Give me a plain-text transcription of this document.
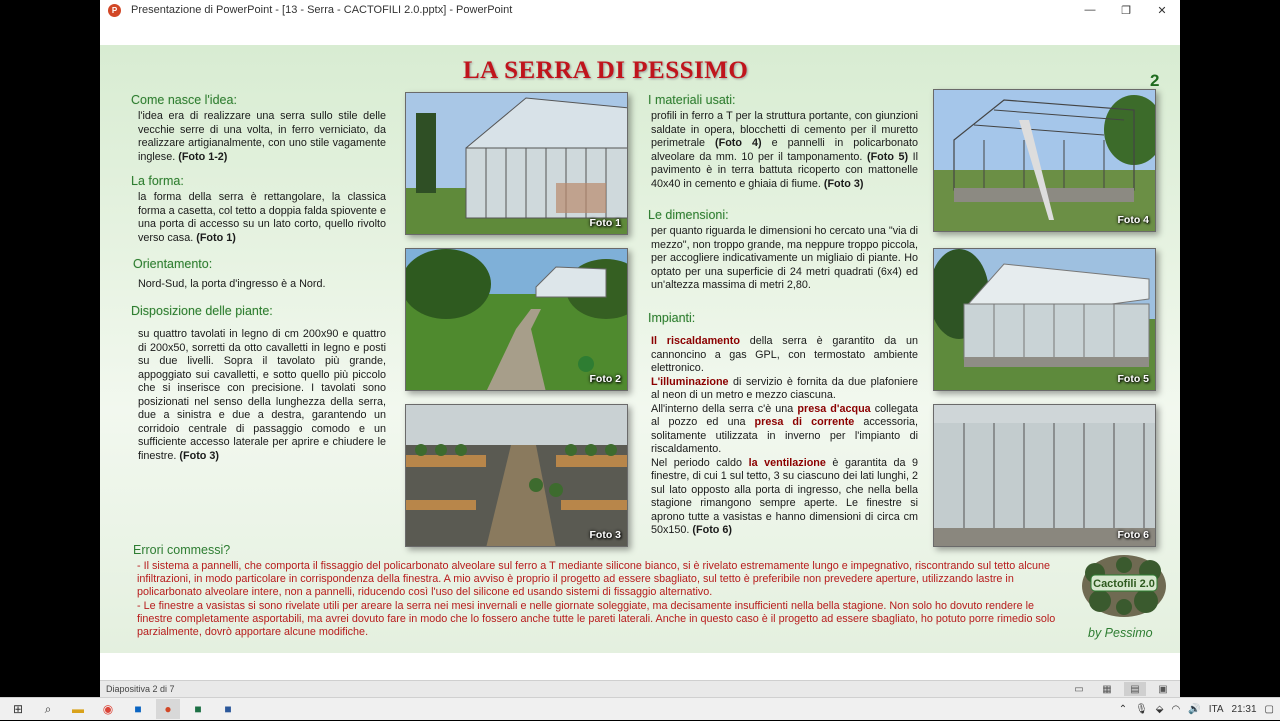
P	Presentazione di PowerPoint - [13 - Serra - CACTOFILI 2.0.pptx] - PowerPoint	—	❐	✕
LA SERRA DI PESSIMO	2
Come nasce l'idea:
l'idea era di realizzare una serra sullo stile delle vecchie serre di una volta, in ferro verniciato, da realizzare artigianalmente, con uno stile vagamente inglese. (Foto 1-2)
La forma:
la forma della serra è rettangolare, la classica forma a casetta, col tetto a doppia falda spiovente e una porta di accesso su un lato corto, quello rivolto verso casa. (Foto 1)
Orientamento:
Nord-Sud, la porta d'ingresso è a Nord.
Disposizione delle piante:
su quattro tavolati in legno di cm 200x90 e quattro di 200x50, sorretti da otto cavalletti in legno e posti su due livelli. Sopra il tavolato più grande, appoggiato sui cavalletti, e sotto quello più piccolo che si inserisce con precisione. I tavolati sono posizionati nel senso della lunghezza della serra, due a sinistra e due a destra, garantendo un corridoio centrale di passaggio comodo e un sufficiente accesso laterale per aprire e chiudere le finestre. (Foto 3)
Foto 1
Foto 2
Foto 3
I materiali usati:
profili in ferro a T per la struttura portante, con giunzioni saldate in opera, blocchetti di cemento per il muretto perimetrale (Foto 4) e pannelli in policarbonato alveolare da mm. 10 per il tamponamento. (Foto 5) Il pavimento è in terra battuta ricoperto con mattonelle 40x40 in cemento e ghiaia di fiume. (Foto 3)
Le dimensioni:
per quanto riguarda le dimensioni ho cercato una "via di mezzo", non troppo grande, ma neppure troppo piccola, per accogliere indicativamente un migliaio di piante. Ho optato per una superficie di 24 metri quadrati (6x4) ed un'altezza massima di metri 2,80.
Impianti:
Il riscaldamento della serra è garantito da un cannoncino a gas GPL, con termostato ambiente elettronico.
L'illuminazione di servizio è fornita da due plafoniere al neon di un metro e mezzo ciascuna.
All'interno della serra c'è una presa d'acqua collegata al pozzo ed una presa di corrente accessoria, solitamente utilizzata in inverno per l'impianto di riscaldamento.
Nel periodo caldo la ventilazione è garantita da 9 finestre, di cui 1 sul tetto, 3 su ciascuno dei lati lunghi, 2 sul lato opposto alla porta di ingresso, che nella bella stagione rimangono sempre aperte. Le finestre si aprono tutte a vasistas e hanno dimensioni di circa cm 50x150. (Foto 6)
Foto 4
Foto 5
Foto 6
Errori commessi?
- Il sistema a pannelli, che comporta il fissaggio del policarbonato alveolare sul ferro a T mediante silicone bianco, si è rivelato estremamente lungo e impegnativo, riscontrando sul tetto alcune infiltrazioni, in modo particolare in corrispondenza della finestra. A mio avviso è proprio il progetto ad essere sbagliato, sul tetto è preferibile non prevedere aperture, utilizzando lastre in policarbonato alveolare intere, non a pannelli, riducendo così l'uso del silicone ed usando sistemi di fissaggio alternativo.
- Le finestre a vasistas si sono rivelate utili per areare la serra nei mesi invernali e nelle giornate soleggiate, ma decisamente insufficienti nella bella stagione. Non solo ho dovuto rendere le finestre completamente asportabili, ma avrei dovuto fare in modo che lo fossero anche tutte le pareti laterali. Anche in questo caso è il progetto ad essere sbagliato, ho potuto porre rimedio solo parzialmente, dovrò apportare alcune modifiche.
Cactofili 2.0
by Pessimo
Diapositiva 2 di 7	▭	▦	▤	▣
⊞	⌕	▬	◉	■	●	■	■	⌃ 🎙 ⬙ ◠ 🔊 ITA 21:31 ▢
